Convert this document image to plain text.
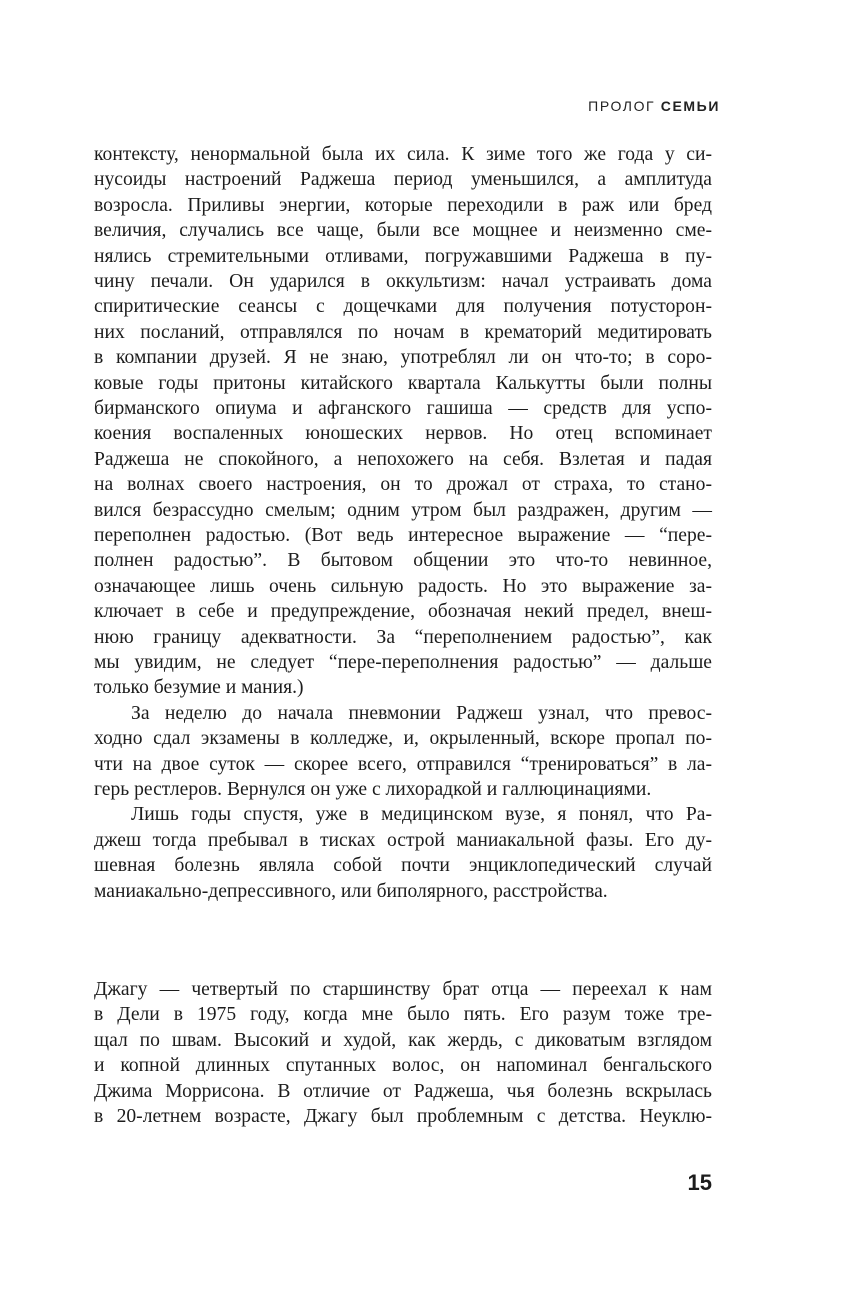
ПРОЛОГ СЕМЬИ
контексту, ненормальной была их сила. К зиме того же года у си-
нусоиды настроений Раджеша период уменьшился, а амплитуда
возросла. Приливы энергии, которые переходили в раж или бред
величия, случались все чаще, были все мощнее и неизменно сме-
нялись стремительными отливами, погружавшими Раджеша в пу-
чину печали. Он ударился в оккультизм: начал устраивать дома
спиритические сеансы с дощечками для получения потусторон-
них посланий, отправлялся по ночам в крематорий медитировать
в компании друзей. Я не знаю, употреблял ли он что-то; в соро-
ковые годы притоны китайского квартала Калькутты были полны
бирманского опиума и афганского гашиша — средств для успо-
коения воспаленных юношеских нервов. Но отец вспоминает
Раджеша не спокойного, а непохожего на себя. Взлетая и падая
на волнах своего настроения, он то дрожал от страха, то стано-
вился безрассудно смелым; одним утром был раздражен, другим —
переполнен радостью. (Вот ведь интересное выражение — “пере-
полнен радостью”. В бытовом общении это что-то невинное,
означающее лишь очень сильную радость. Но это выражение за-
ключает в себе и предупреждение, обозначая некий предел, внеш-
нюю границу адекватности. За “переполнением радостью”, как
мы увидим, не следует “пере-переполнения радостью” — дальше
только безумие и мания.)
За неделю до начала пневмонии Раджеш узнал, что превос-
ходно сдал экзамены в колледже, и, окрыленный, вскоре пропал по-
чти на двое суток — скорее всего, отправился “тренироваться” в ла-
герь рестлеров. Вернулся он уже с лихорадкой и галлюцинациями.
Лишь годы спустя, уже в медицинском вузе, я понял, что Ра-
джеш тогда пребывал в тисках острой маниакальной фазы. Его ду-
шевная болезнь являла собой почти энциклопедический случай
маниакально-депрессивного, или биполярного, расстройства.
15
Джагу — четвертый по старшинству брат отца — переехал к нам
в Дели в 1975 году, когда мне было пять. Его разум тоже тре-
щал по швам. Высокий и худой, как жердь, с диковатым взглядом
и копной длинных спутанных волос, он напоминал бенгальского
Джима Моррисона. В отличие от Раджеша, чья болезнь вскрылась
в 20-летнем возрасте, Джагу был проблемным с детства. Неуклю-
